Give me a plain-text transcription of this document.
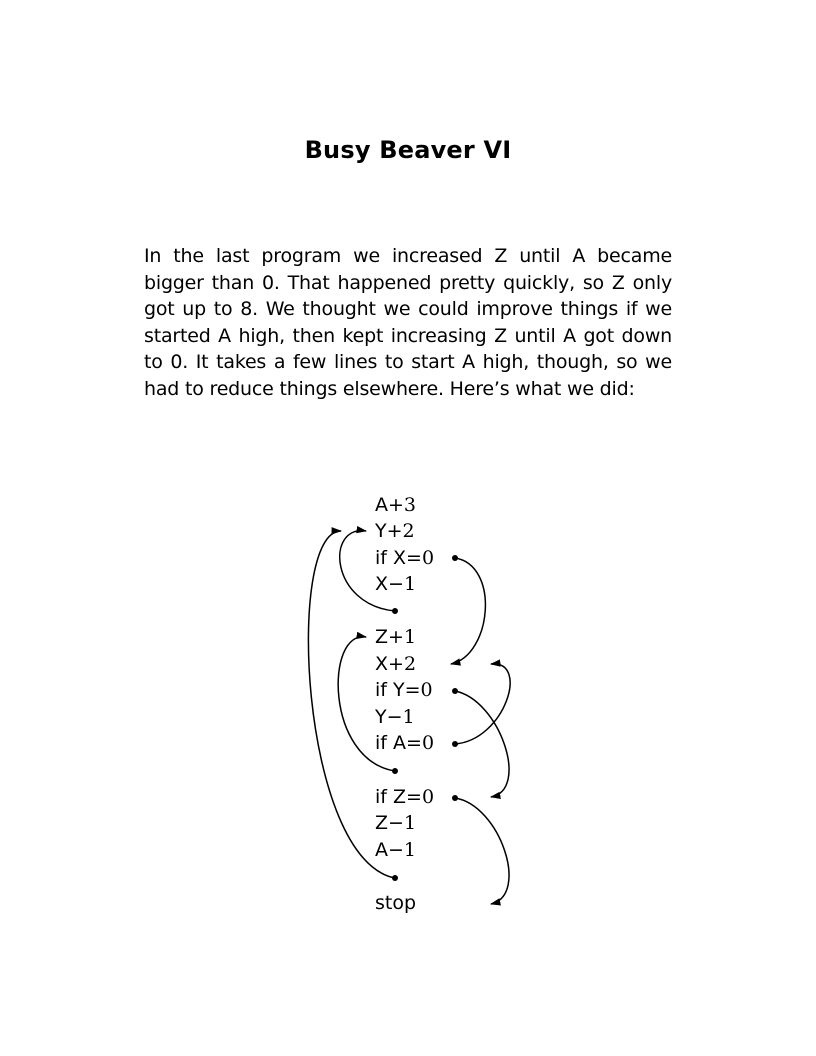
Busy Beaver VI

In the last program we increased Z until A became bigger than 0. That happened pretty quickly, so Z only got up to 8. We thought we could improve things if we started A high, then kept increasing Z until A got down to 0. It takes a few lines to start A high, though, so we had to reduce things elsewhere. Here’s what we did:

A+3
Y+2
if X=0
X−1
Z+1
X+2
if Y=0
Y−1
if A=0
if Z=0
Z−1
A−1
stop
